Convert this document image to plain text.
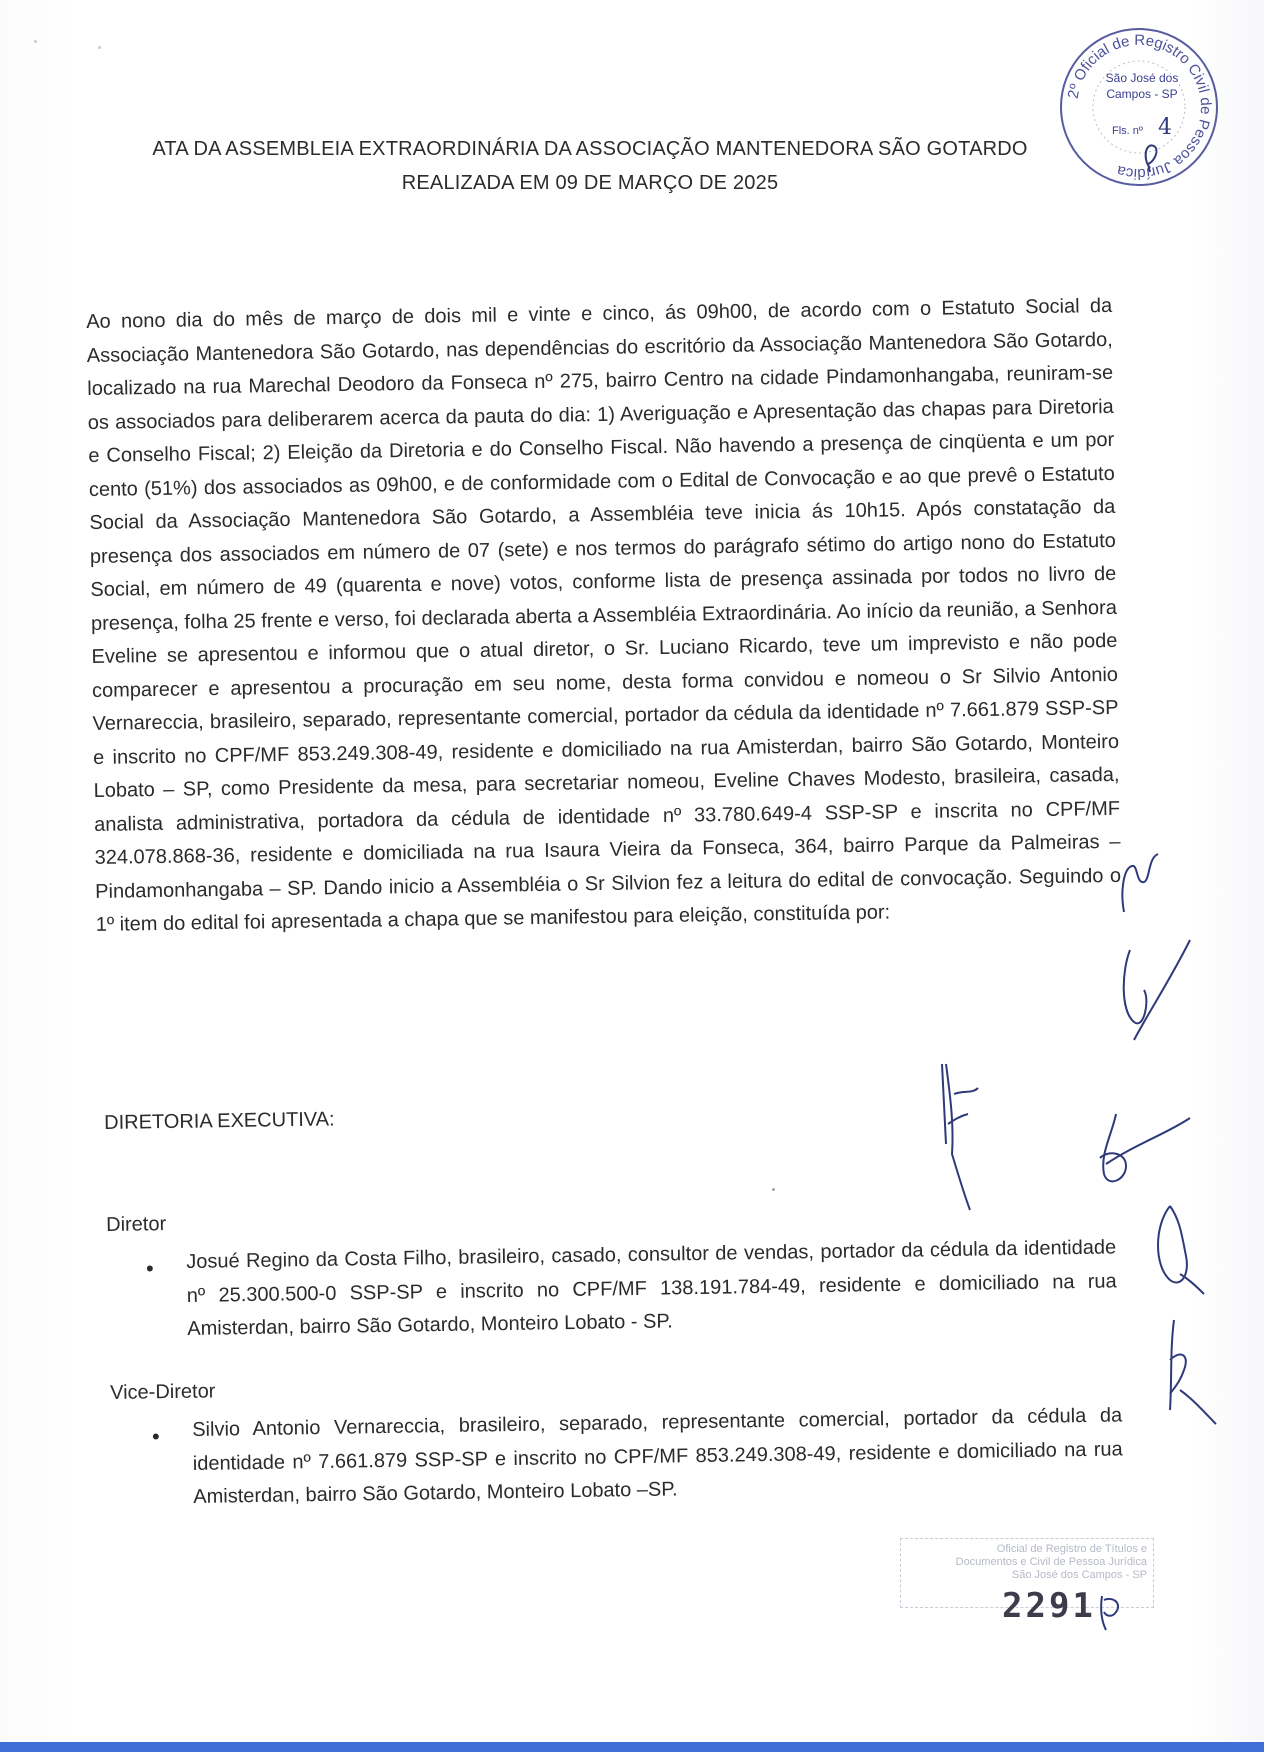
ATA DA ASSEMBLEIA EXTRAORDINÁRIA DA ASSOCIAÇÃO MANTENEDORA SÃO GOTARDO
REALIZADA EM 09 DE MARÇO DE 2025
2º Oficial de Registro Civil de Pessoa Jurídica
São José dos
Campos - SP
Fls. nº 4
Ao nono dia do mês de março de dois mil e vinte e cinco, ás 09h00, de acordo com o Estatuto Social da Associação Mantenedora São Gotardo, nas dependências do escritório da Associação Mantenedora São Gotardo, localizado na rua Marechal Deodoro da Fonseca nº 275, bairro Centro na cidade Pindamonhangaba, reuniram-se os associados para deliberarem acerca da pauta do dia: 1) Averiguação e Apresentação das chapas para Diretoria e Conselho Fiscal; 2) Eleição da Diretoria e do Conselho Fiscal. Não havendo a presença de cinqüenta e um por cento (51%) dos associados as 09h00, e de conformidade com o Edital de Convocação e ao que prevê o Estatuto Social da Associação Mantenedora São Gotardo, a Assembléia teve inicia ás 10h15. Após constatação da presença dos associados em número de 07 (sete) e nos termos do parágrafo sétimo do artigo nono do Estatuto Social, em número de 49 (quarenta e nove) votos, conforme lista de presença assinada por todos no livro de presença, folha 25 frente e verso, foi declarada aberta a Assembléia Extraordinária. Ao início da reunião, a Senhora Eveline se apresentou e informou que o atual diretor, o Sr. Luciano Ricardo, teve um imprevisto e não pode comparecer e apresentou a procuração em seu nome, desta forma convidou e nomeou o Sr Silvio Antonio Vernareccia, brasileiro, separado, representante comercial, portador da cédula da identidade nº 7.661.879 SSP-SP e inscrito no CPF/MF 853.249.308-49, residente e domiciliado na rua Amisterdan, bairro São Gotardo, Monteiro Lobato – SP, como Presidente da mesa, para secretariar nomeou, Eveline Chaves Modesto, brasileira, casada, analista administrativa, portadora da cédula de identidade nº 33.780.649-4 SSP-SP e inscrita no CPF/MF 324.078.868-36, residente e domiciliada na rua Isaura Vieira da Fonseca, 364, bairro Parque da Palmeiras – Pindamonhangaba – SP. Dando inicio a Assembléia o Sr Silvion fez a leitura do edital de convocação. Seguindo o 1º item do edital foi apresentada a chapa que se manifestou para eleição, constituída por:
DIRETORIA EXECUTIVA:
Diretor
• Josué Regino da Costa Filho, brasileiro, casado, consultor de vendas, portador da cédula da identidade nº 25.300.500-0 SSP-SP e inscrito no CPF/MF 138.191.784-49, residente e domiciliado na rua Amisterdan, bairro São Gotardo, Monteiro Lobato - SP.
Vice-Diretor
• Silvio Antonio Vernareccia, brasileiro, separado, representante comercial, portador da cédula da identidade nº 7.661.879 SSP-SP e inscrito no CPF/MF 853.249.308-49, residente e domiciliado na rua Amisterdan, bairro São Gotardo, Monteiro Lobato –SP.
Oficial de Registro de Títulos e
Documentos e Civil de Pessoa Jurídica
São José dos Campos - SP
2291
